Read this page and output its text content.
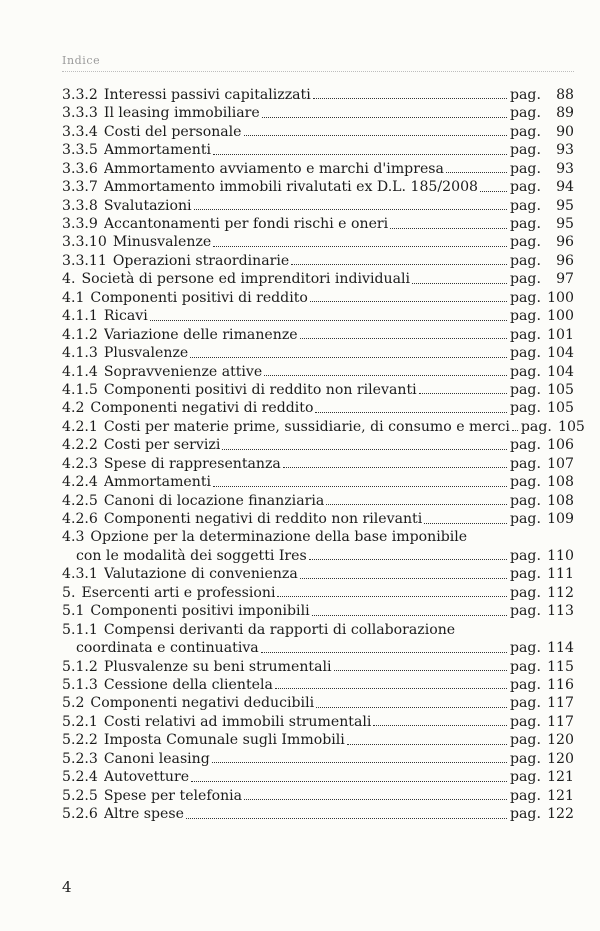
Indice
3.3.2 Interessi passivi capitalizzati	pag.	88
3.3.3 Il leasing immobiliare	pag.	89
3.3.4 Costi del personale	pag.	90
3.3.5 Ammortamenti	pag.	93
3.3.6 Ammortamento avviamento e marchi d'impresa	pag.	93
3.3.7 Ammortamento immobili rivalutati ex D.L. 185/2008 pag.	94
3.3.8 Svalutazioni	pag.	95
3.3.9 Accantonamenti per fondi rischi e oneri	pag.	95
3.3.10 Minusvalenze	pag.	96
3.3.11 Operazioni straordinarie	pag.	96
4. Società di persone ed imprenditori individuali	pag.	97
4.1 Componenti positivi di reddito	pag. 100
4.1.1 Ricavi	pag. 100
4.1.2 Variazione delle rimanenze	pag. 101
4.1.3 Plusvalenze	pag. 104
4.1.4 Sopravvenienze attive	pag. 104
4.1.5 Componenti positivi di reddito non rilevanti	pag. 105
4.2 Componenti negativi di reddito	pag. 105
4.2.1 Costi per materie prime, sussidiarie, di consumo e merci pag. 105
4.2.2 Costi per servizi	pag. 106
4.2.3 Spese di rappresentanza	pag. 107
4.2.4 Ammortamenti	pag. 108
4.2.5 Canoni di locazione finanziaria	pag. 108
4.2.6 Componenti negativi di reddito non rilevanti	pag. 109
4.3 Opzione per la determinazione della base imponibile
con le modalità dei soggetti Ires	pag. 110
4.3.1 Valutazione di convenienza	pag. 111
5. Esercenti arti e professioni	pag. 112
5.1 Componenti positivi imponibili	pag. 113
5.1.1 Compensi derivanti da rapporti di collaborazione
coordinata e continuativa	pag. 114
5.1.2 Plusvalenze su beni strumentali	pag. 115
5.1.3 Cessione della clientela	pag. 116
5.2 Componenti negativi deducibili	pag. 117
5.2.1 Costi relativi ad immobili strumentali	pag. 117
5.2.2 Imposta Comunale sugli Immobili	pag. 120
5.2.3 Canoni leasing	pag. 120
5.2.4 Autovetture	pag. 121
5.2.5 Spese per telefonia	pag. 121
5.2.6 Altre spese	pag. 122
4
